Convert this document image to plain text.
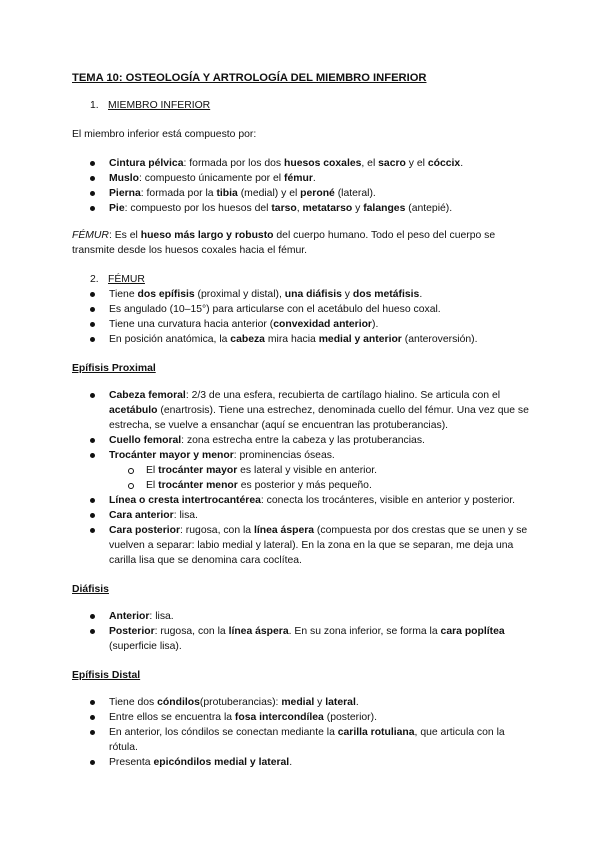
TEMA 10: OSTEOLOGÍA Y ARTROLOGÍA DEL MIEMBRO INFERIOR

1. MIEMBRO INFERIOR

El miembro inferior está compuesto por:

Cintura pélvica: formada por los dos huesos coxales, el sacro y el cóccix.
Muslo: compuesto únicamente por el fémur.
Pierna: formada por la tibia (medial) y el peroné (lateral).
Pie: compuesto por los huesos del tarso, metatarso y falanges (antepié).

FÉMUR: Es el hueso más largo y robusto del cuerpo humano. Todo el peso del cuerpo se transmite desde los huesos coxales hacia el fémur.

2. FÉMUR
Tiene dos epífisis (proximal y distal), una diáfisis y dos metáfisis.
Es angulado (10–15°) para articularse con el acetábulo del hueso coxal.
Tiene una curvatura hacia anterior (convexidad anterior).
En posición anatómica, la cabeza mira hacia medial y anterior (anteroversión).

Epífisis Proximal

Cabeza femoral: 2/3 de una esfera, recubierta de cartílago hialino. Se articula con el acetábulo (enartrosis). Tiene una estrechez, denominada cuello del fémur. Una vez que se estrecha, se vuelve a ensanchar (aquí se encuentran las protuberancias).
Cuello femoral: zona estrecha entre la cabeza y las protuberancias.
Trocánter mayor y menor: prominencias óseas.
El trocánter mayor es lateral y visible en anterior.
El trocánter menor es posterior y más pequeño.
Línea o cresta intertrocantérea: conecta los trocánteres, visible en anterior y posterior.
Cara anterior: lisa.
Cara posterior: rugosa, con la línea áspera (compuesta por dos crestas que se unen y se vuelven a separar: labio medial y lateral). En la zona en la que se separan, me deja una carilla lisa que se denomina cara coclítea.

Diáfisis

Anterior: lisa.
Posterior: rugosa, con la línea áspera. En su zona inferior, se forma la cara poplítea (superficie lisa).

Epífisis Distal

Tiene dos cóndilos(protuberancias): medial y lateral.
Entre ellos se encuentra la fosa intercondílea (posterior).
En anterior, los cóndilos se conectan mediante la carilla rotuliana, que articula con la rótula.
Presenta epicóndilos medial y lateral.
